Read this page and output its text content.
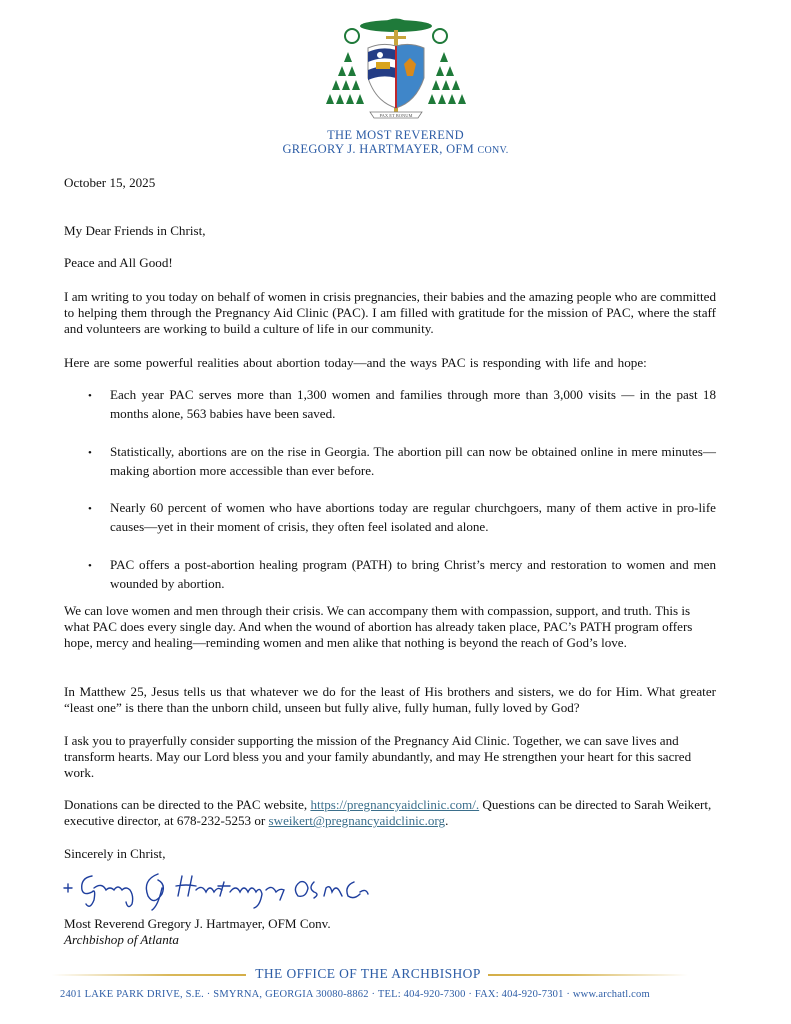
PAX ET BONUM
THE MOST REVEREND
GREGORY J. HARTMAYER, OFM CONV.
October 15, 2025
My Dear Friends in Christ,
Peace and All Good!

I am writing to you today on behalf of women in crisis pregnancies, their babies and the amazing people who are committed to helping them through the Pregnancy Aid Clinic (PAC). I am filled with gratitude for the mission of PAC, where the staff and volunteers are working to build a culture of life in our community.

Here are some powerful realities about abortion today—and the ways PAC is responding with life and hope:

•	Each year PAC serves more than 1,300 women and families through more than 3,000 visits — in the past 18 months alone, 563 babies have been saved.

•	Statistically, abortions are on the rise in Georgia. The abortion pill can now be obtained online in mere minutes—making abortion more accessible than ever before.

•	Nearly 60 percent of women who have abortions today are regular churchgoers, many of them active in pro-life causes—yet in their moment of crisis, they often feel isolated and alone.

•	PAC offers a post-abortion healing program (PATH) to bring Christ’s mercy and restoration to women and men wounded by abortion.

We can love women and men through their crisis. We can accompany them with compassion, support, and truth. This is what PAC does every single day. And when the wound of abortion has already taken place, PAC’s PATH program offers hope, mercy and healing—reminding women and men alike that nothing is beyond the reach of God’s love.

In Matthew 25, Jesus tells us that whatever we do for the least of His brothers and sisters, we do for Him. What greater “least one” is there than the unborn child, unseen but fully alive, fully human, fully loved by God?

I ask you to prayerfully consider supporting the mission of the Pregnancy Aid Clinic. Together, we can save lives and transform hearts. May our Lord bless you and your family abundantly, and may He strengthen your heart for this sacred work.

Donations can be directed to the PAC website, https://pregnancyaidclinic.com/. Questions can be directed to Sarah Weikert, executive director, at 678-232-5253 or sweikert@pregnancyaidclinic.org.

Sincerely in Christ,
Most Reverend Gregory J. Hartmayer, OFM Conv.
Archbishop of Atlanta
THE OFFICE OF THE ARCHBISHOP
2401 LAKE PARK DRIVE, S.E. · SMYRNA, GEORGIA 30080-8862 · TEL: 404-920-7300 · FAX: 404-920-7301 · www.archatl.com
